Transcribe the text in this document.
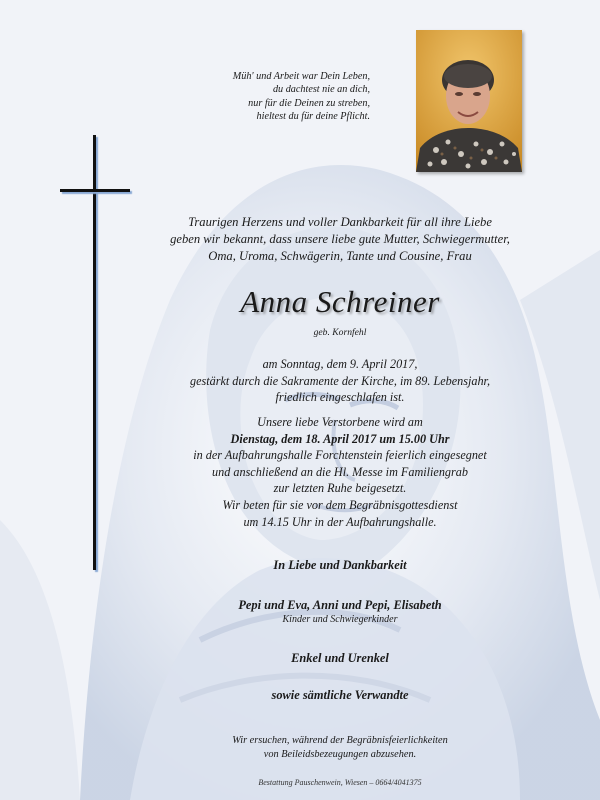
Müh' und Arbeit war Dein Leben,
du dachtest nie an dich,
nur für die Deinen zu streben,
hieltest du für deine Pflicht.
Traurigen Herzens und voller Dankbarkeit für all ihre Liebe
geben wir bekannt, dass unsere liebe gute Mutter, Schwiegermutter,
Oma, Uroma, Schwägerin, Tante und Cousine, Frau
Anna Schreiner
geb. Kornfehl
am Sonntag, dem 9. April 2017,
gestärkt durch die Sakramente der Kirche, im 89. Lebensjahr,
friedlich eingeschlafen ist.
Unsere liebe Verstorbene wird am
Dienstag, dem 18. April 2017 um 15.00 Uhr
in der Aufbahrungshalle Forchtenstein feierlich eingesegnet
und anschließend an die Hl. Messe im Familiengrab
zur letzten Ruhe beigesetzt.
Wir beten für sie vor dem Begräbnisgottesdienst
um 14.15 Uhr in der Aufbahrungshalle.
In Liebe und Dankbarkeit
Pepi und Eva, Anni und Pepi, Elisabeth
Kinder und Schwiegerkinder
Enkel und Urenkel
sowie sämtliche Verwandte
Wir ersuchen, während der Begräbnisfeierlichkeiten
von Beileidsbezeugungen abzusehen.
Bestattung Pauschenwein, Wiesen – 0664/4041375
